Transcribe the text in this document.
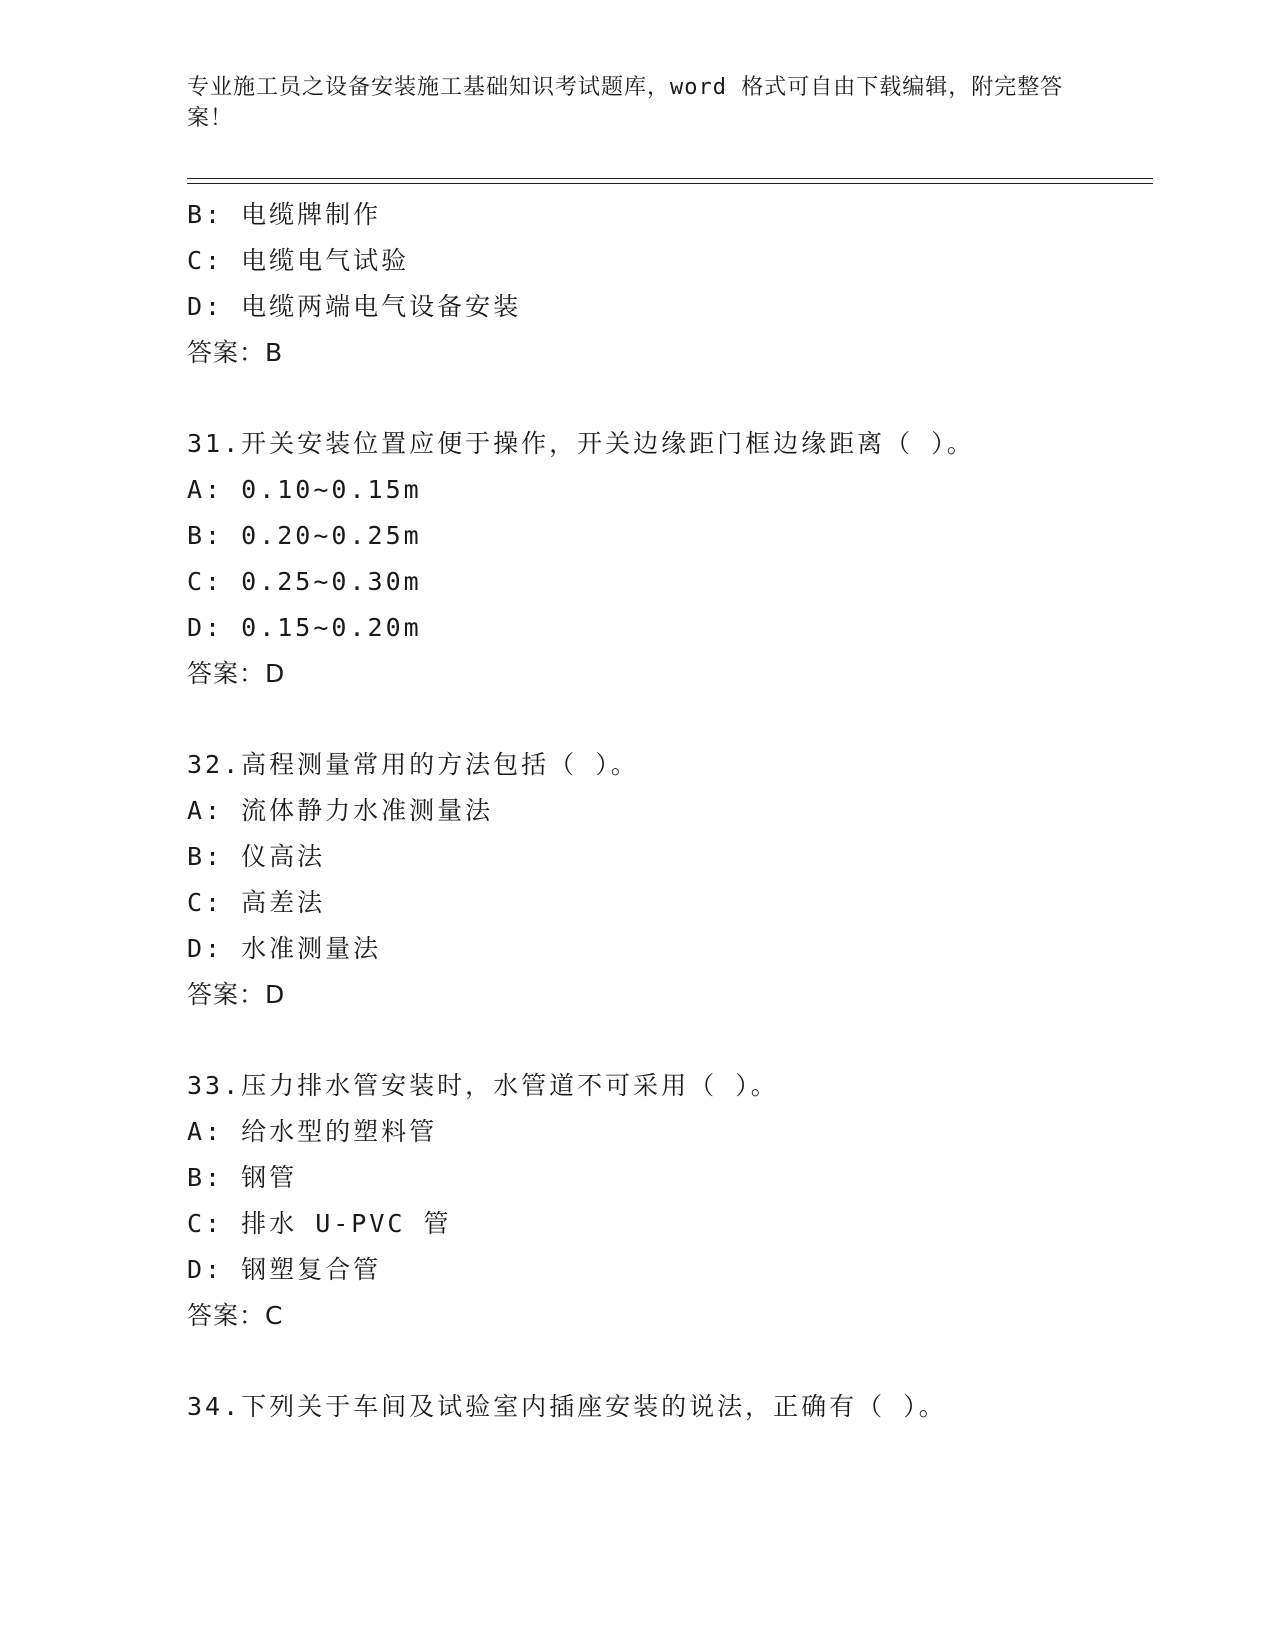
专业施工员之设备安装施工基础知识考试题库，word 格式可自由下载编辑，附完整答案！
B: 电缆牌制作
C: 电缆电气试验
D: 电缆两端电气设备安装
答案：B
31.开关安装位置应便于操作，开关边缘距门框边缘距离（ ）。
A: 0.10~0.15m
B: 0.20~0.25m
C: 0.25~0.30m
D: 0.15~0.20m
答案：D
32.高程测量常用的方法包括（ ）。
A: 流体静力水准测量法
B: 仪高法
C: 高差法
D: 水准测量法
答案：D
33.压力排水管安装时，水管道不可采用（ ）。
A: 给水型的塑料管
B: 钢管
C: 排水 U-PVC 管
D: 钢塑复合管
答案：C
34.下列关于车间及试验室内插座安装的说法，正确有（ ）。
